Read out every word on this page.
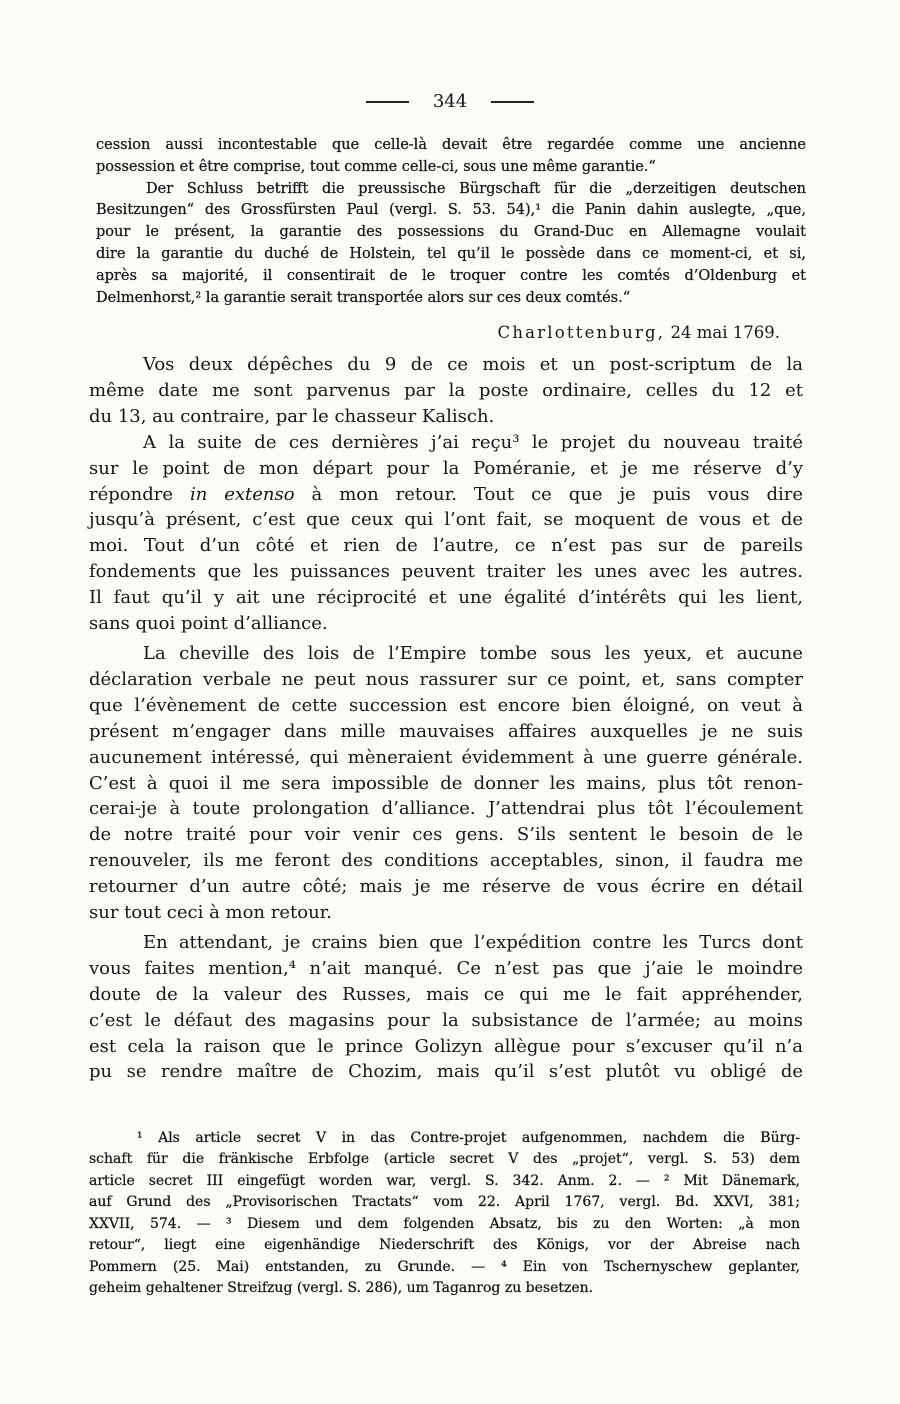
344
cession aussi incontestable que celle-là devait être regardée comme une ancienne
possession et être comprise, tout comme celle-ci, sous une même garantie.“
Der Schluss betrifft die preussische Bürgschaft für die „derzeitigen deutschen
Besitzungen“ des Grossfürsten Paul (vergl. S. 53. 54),¹ die Panin dahin auslegte, „que,
pour le présent, la garantie des possessions du Grand-Duc en Allemagne voulait
dire la garantie du duché de Holstein, tel qu’il le possède dans ce moment-ci, et si,
après sa majorité, il consentirait de le troquer contre les comtés d’Oldenburg et
Delmenhorst,² la garantie serait transportée alors sur ces deux comtés.“
Charlottenburg, 24 mai 1769.
Vos deux dépêches du 9 de ce mois et un post-scriptum de la
même date me sont parvenus par la poste ordinaire, celles du 12 et
du 13, au contraire, par le chasseur Kalisch.
A la suite de ces dernières j’ai reçu³ le projet du nouveau traité
sur le point de mon départ pour la Poméranie, et je me réserve d’y
répondre in extenso à mon retour. Tout ce que je puis vous dire
jusqu’à présent, c’est que ceux qui l’ont fait, se moquent de vous et de
moi. Tout d’un côté et rien de l’autre, ce n’est pas sur de pareils
fondements que les puissances peuvent traiter les unes avec les autres.
Il faut qu’il y ait une réciprocité et une égalité d’intérêts qui les lient,
sans quoi point d’alliance.
La cheville des lois de l’Empire tombe sous les yeux, et aucune
déclaration verbale ne peut nous rassurer sur ce point, et, sans compter
que l’évènement de cette succession est encore bien éloigné, on veut à
présent m’engager dans mille mauvaises affaires auxquelles je ne suis
aucunement intéressé, qui mèneraient évidemment à une guerre générale.
C’est à quoi il me sera impossible de donner les mains, plus tôt renon-
cerai-je à toute prolongation d’alliance. J’attendrai plus tôt l’écoulement
de notre traité pour voir venir ces gens. S’ils sentent le besoin de le
renouveler, ils me feront des conditions acceptables, sinon, il faudra me
retourner d’un autre côté; mais je me réserve de vous écrire en détail
sur tout ceci à mon retour.
En attendant, je crains bien que l’expédition contre les Turcs dont
vous faites mention,⁴ n’ait manqué. Ce n’est pas que j’aie le moindre
doute de la valeur des Russes, mais ce qui me le fait appréhender,
c’est le défaut des magasins pour la subsistance de l’armée; au moins
est cela la raison que le prince Golizyn allègue pour s’excuser qu’il n’a
pu se rendre maître de Chozim, mais qu’il s’est plutôt vu obligé de
¹ Als article secret V in das Contre-projet aufgenommen, nachdem die Bürg-
schaft für die fränkische Erbfolge (article secret V des „projet“, vergl. S. 53) dem
article secret III eingefügt worden war, vergl. S. 342. Anm. 2. — ² Mit Dänemark,
auf Grund des „Provisorischen Tractats“ vom 22. April 1767, vergl. Bd. XXVI, 381;
XXVII, 574. — ³ Diesem und dem folgenden Absatz, bis zu den Worten: „à mon
retour“, liegt eine eigenhändige Niederschrift des Königs, vor der Abreise nach
Pommern (25. Mai) entstanden, zu Grunde. — ⁴ Ein von Tschernyschew geplanter,
geheim gehaltener Streifzug (vergl. S. 286), um Taganrog zu besetzen.
